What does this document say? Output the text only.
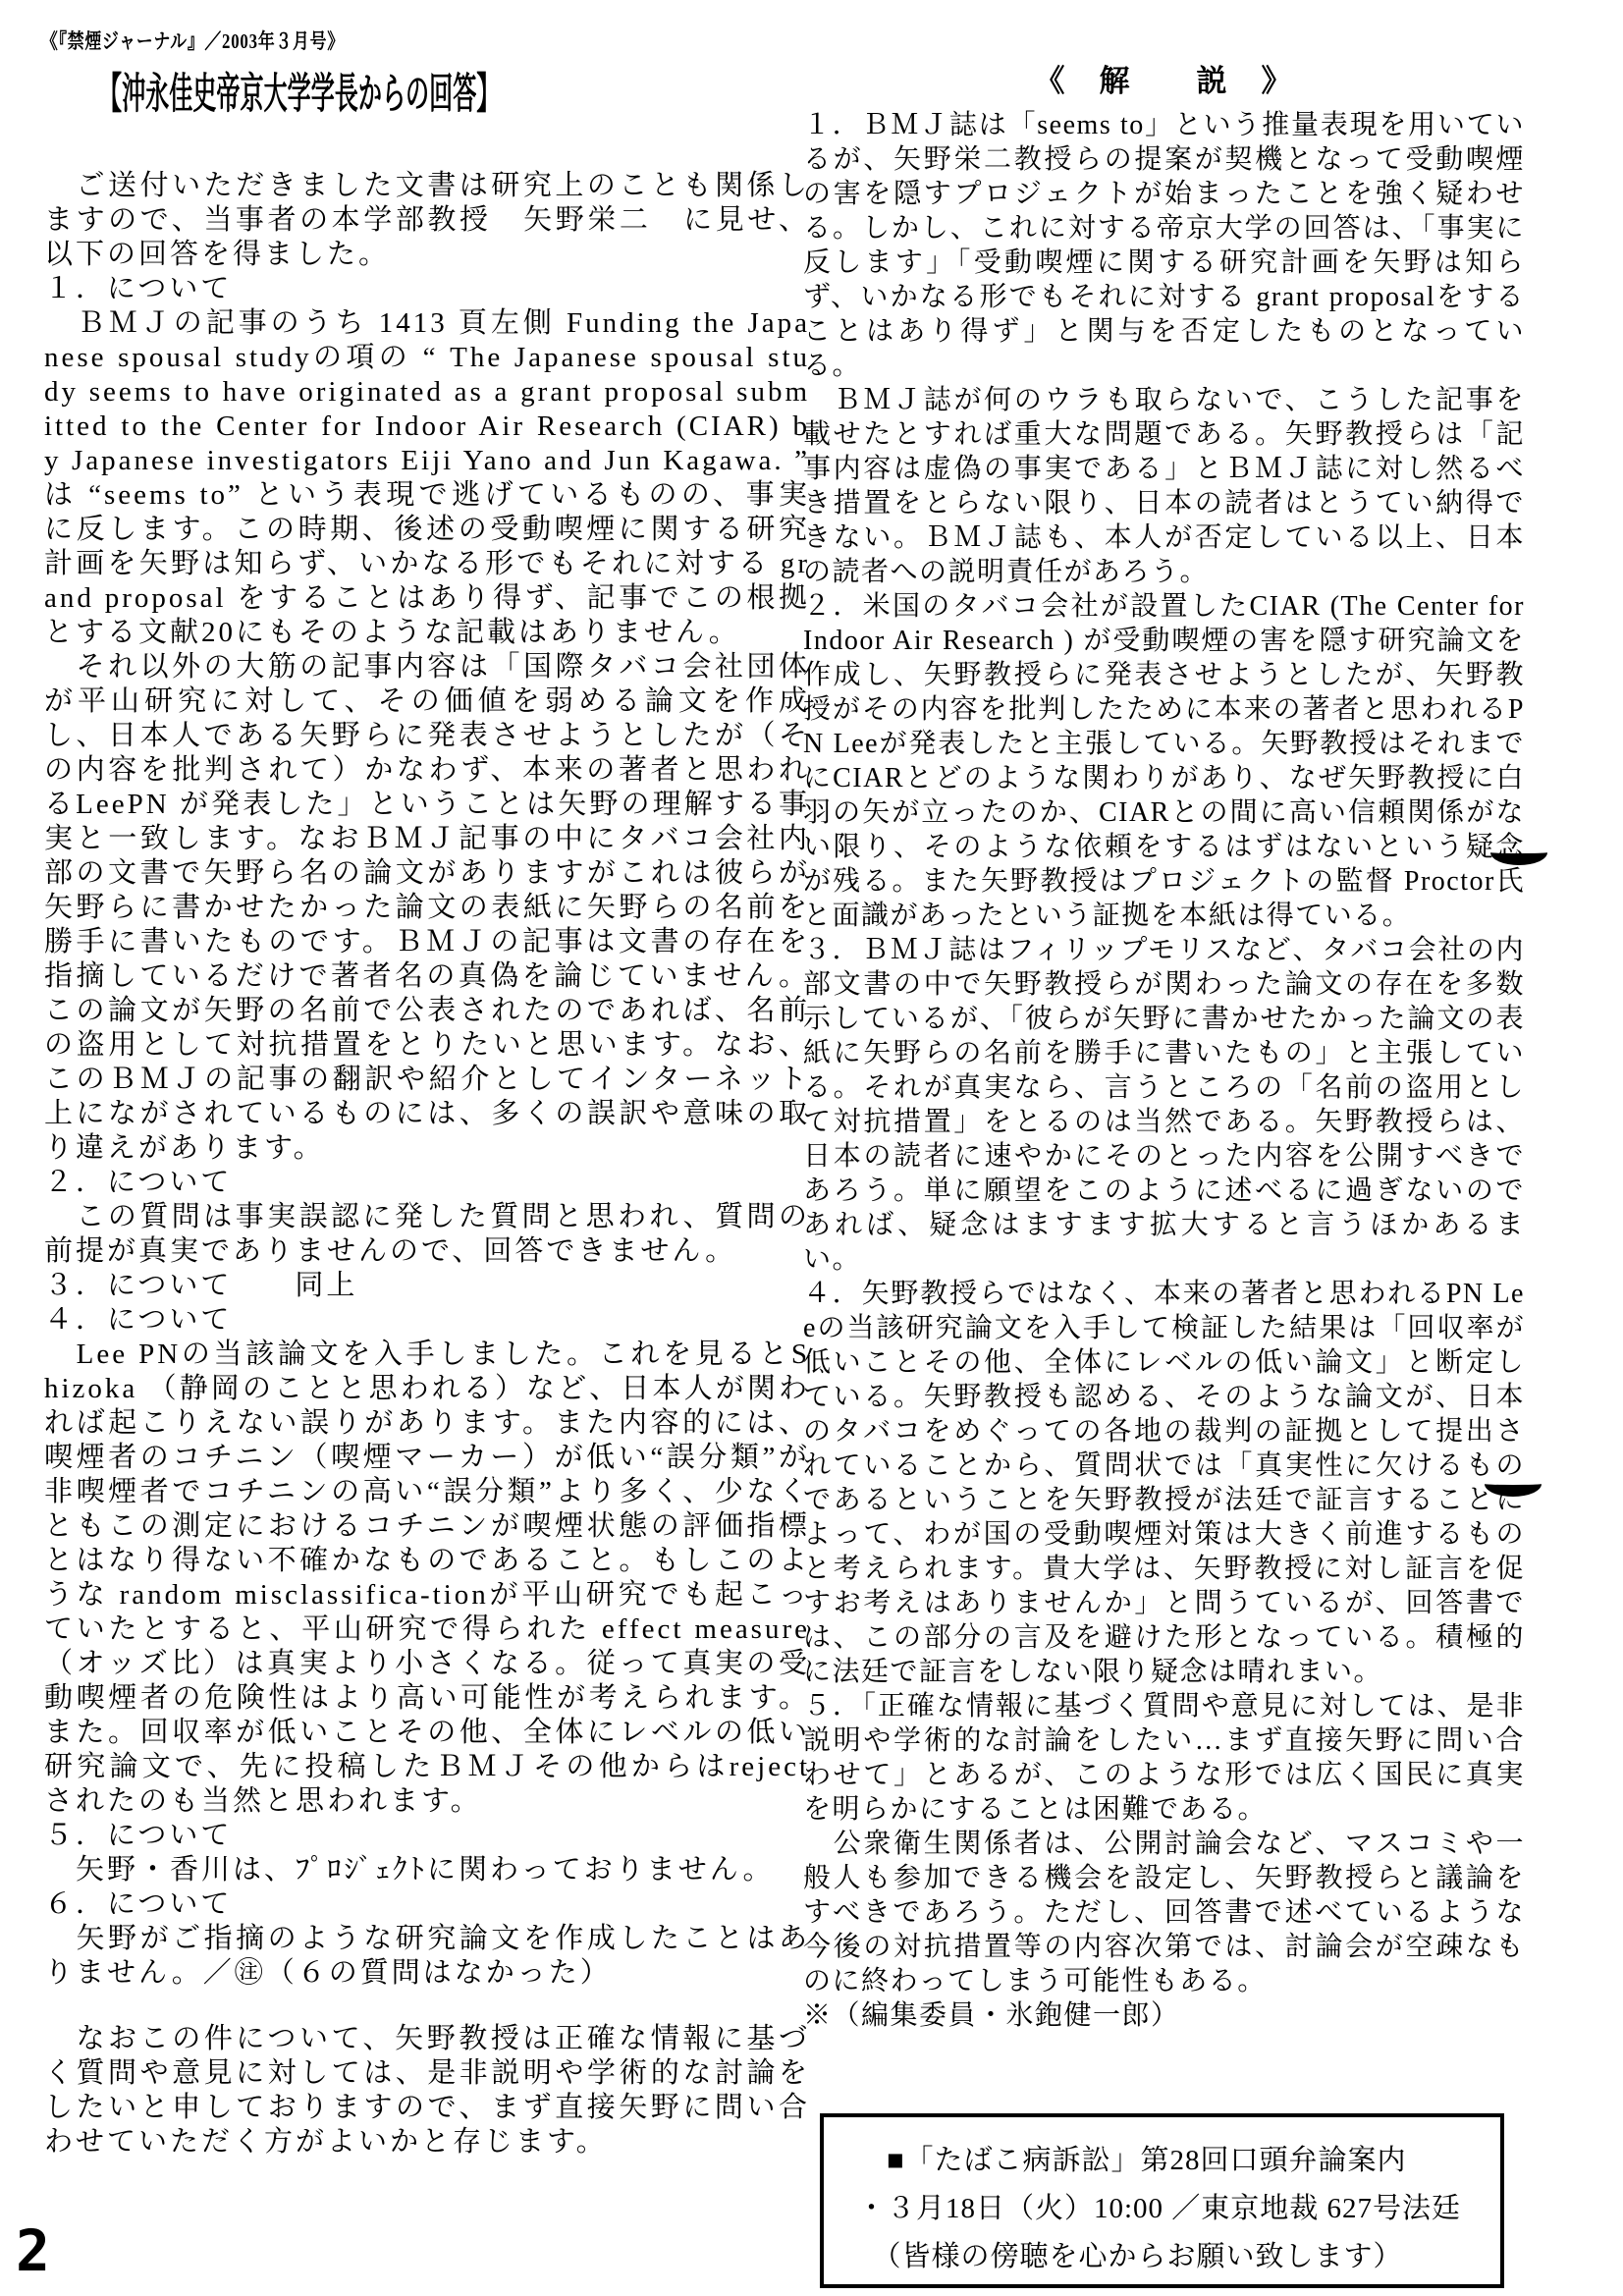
《『禁煙ジャーナル』／2003年３月号》
【沖永佳史帝京大学学長からの回答】

　ご送付いただきました文書は研究上のことも関係しますので、当事者の本学部教授　矢野栄二　に見せ、以下の回答を得ました。

１．について

　ＢＭＪの記事のうち 1413 頁左側 Funding the Japanese spousal studyの項の “ The Japanese spousal study seems to have originated as a grant proposal submitted to the Center for Indoor Air Research (CIAR) by Japanese investigators Eiji Yano and Jun Kagawa. ” は “seems to” という表現で逃げているものの、事実に反します。この時期、後述の受動喫煙に関する研究計画を矢野は知らず、いかなる形でもそれに対する grand proposal をすることはあり得ず、記事でこの根拠とする文献20にもそのような記載はありません。

　それ以外の大筋の記事内容は「国際タバコ会社団体が平山研究に対して、その価値を弱める論文を作成し、日本人である矢野らに発表させようとしたが（その内容を批判されて）かなわず、本来の著者と思われるLeePN が発表した」ということは矢野の理解する事実と一致します。なおＢＭＪ記事の中にタバコ会社内部の文書で矢野ら名の論文がありますがこれは彼らが矢野らに書かせたかった論文の表紙に矢野らの名前を勝手に書いたものです。ＢＭＪの記事は文書の存在を指摘しているだけで著者名の真偽を論じていません。この論文が矢野の名前で公表されたのであれば、名前の盗用として対抗措置をとりたいと思います。なお、このＢＭＪの記事の翻訳や紹介としてインターネット上にながされているものには、多くの誤訳や意味の取り違えがあります。

２．について

　この質問は事実誤認に発した質問と思われ、質問の前提が真実でありませんので、回答できません。

３．について　　同上

４．について

　Lee PNの当該論文を入手しました。これを見るとShizoka （静岡のことと思われる）など、日本人が関われば起こりえない誤りがあります。また内容的には、喫煙者のコチニン（喫煙マーカー）が低い“誤分類”が非喫煙者でコチニンの高い“誤分類”より多く、少なくともこの測定におけるコチニンが喫煙状態の評価指標とはなり得ない不確かなものであること。もしこのような random misclassifica-tionが平山研究でも起こっていたとすると、平山研究で得られた effect measure （オッズ比）は真実より小さくなる。従って真実の受動喫煙者の危険性はより高い可能性が考えられます。また。回収率が低いことその他、全体にレベルの低い研究論文で、先に投稿したＢＭＪその他からはrejectされたのも当然と思われます。

５．について

　矢野・香川は、ﾌﾟﾛｼﾞｪｸﾄに関わっておりません。

６．について

　矢野がご指摘のような研究論文を作成したことはありません。／㊟（６の質問はなかった）

　なおこの件について、矢野教授は正確な情報に基づく質問や意見に対しては、是非説明や学術的な討論をしたいと申しておりますので、まず直接矢野に問い合わせていただく方がよいかと存じます。

《　解　　説　》

１．ＢＭＪ誌は「seems to」という推量表現を用いているが、矢野栄二教授らの提案が契機となって受動喫煙の害を隠すプロジェクトが始まったことを強く疑わせる。しかし、これに対する帝京大学の回答は、「事実に反します」「受動喫煙に関する研究計画を矢野は知らず、いかなる形でもそれに対する grant proposalをすることはあり得ず」と関与を否定したものとなっている。

　ＢＭＪ誌が何のウラも取らないで、こうした記事を載せたとすれば重大な問題である。矢野教授らは「記事内容は虚偽の事実である」とＢＭＪ誌に対し然るべき措置をとらない限り、日本の読者はとうてい納得できない。ＢＭＪ誌も、本人が否定している以上、日本の読者への説明責任があろう。

２．米国のタバコ会社が設置したCIAR (The Center for Indoor Air Research ) が受動喫煙の害を隠す研究論文を作成し、矢野教授らに発表させようとしたが、矢野教授がその内容を批判したために本来の著者と思われるPN Leeが発表したと主張している。矢野教授はそれまでにCIARとどのような関わりがあり、なぜ矢野教授に白羽の矢が立ったのか、CIARとの間に高い信頼関係がない限り、そのような依頼をするはずはないという疑念が残る。また矢野教授はプロジェクトの監督 Proctor氏と面識があったという証拠を本紙は得ている。

３．ＢＭＪ誌はフィリップモリスなど、タバコ会社の内部文書の中で矢野教授らが関わった論文の存在を多数示しているが、「彼らが矢野に書かせたかった論文の表紙に矢野らの名前を勝手に書いたもの」と主張している。それが真実なら、言うところの「名前の盗用として対抗措置」をとるのは当然である。矢野教授らは、日本の読者に速やかにそのとった内容を公開すべきであろう。単に願望をこのように述べるに過ぎないのであれば、疑念はますます拡大すると言うほかあるまい。

４．矢野教授らではなく、本来の著者と思われるPN Leeの当該研究論文を入手して検証した結果は「回収率が低いことその他、全体にレベルの低い論文」と断定している。矢野教授も認める、そのような論文が、日本のタバコをめぐっての各地の裁判の証拠として提出されていることから、質問状では「真実性に欠けるものであるということを矢野教授が法廷で証言することによって、わが国の受動喫煙対策は大きく前進するものと考えられます。貴大学は、矢野教授に対し証言を促すお考えはありませんか」と問うているが、回答書では、この部分の言及を避けた形となっている。積極的に法廷で証言をしない限り疑念は晴れまい。

５．「正確な情報に基づく質問や意見に対しては、是非説明や学術的な討論をしたい…まず直接矢野に問い合わせて」とあるが、このような形では広く国民に真実を明らかにすることは困難である。

　公衆衛生関係者は、公開討論会など、マスコミや一般人も参加できる機会を設定し、矢野教授らと議論をすべきであろう。ただし、回答書で述べているような今後の対抗措置等の内容次第では、討論会が空疎なものに終わってしまう可能性もある。

※（編集委員・氷鉋健一郎）

　■「たばこ病訴訟」第28回口頭弁論案内
・３月18日（火）10:00 ／東京地裁 627号法廷
　（皆様の傍聴を心からお願い致します）
2
